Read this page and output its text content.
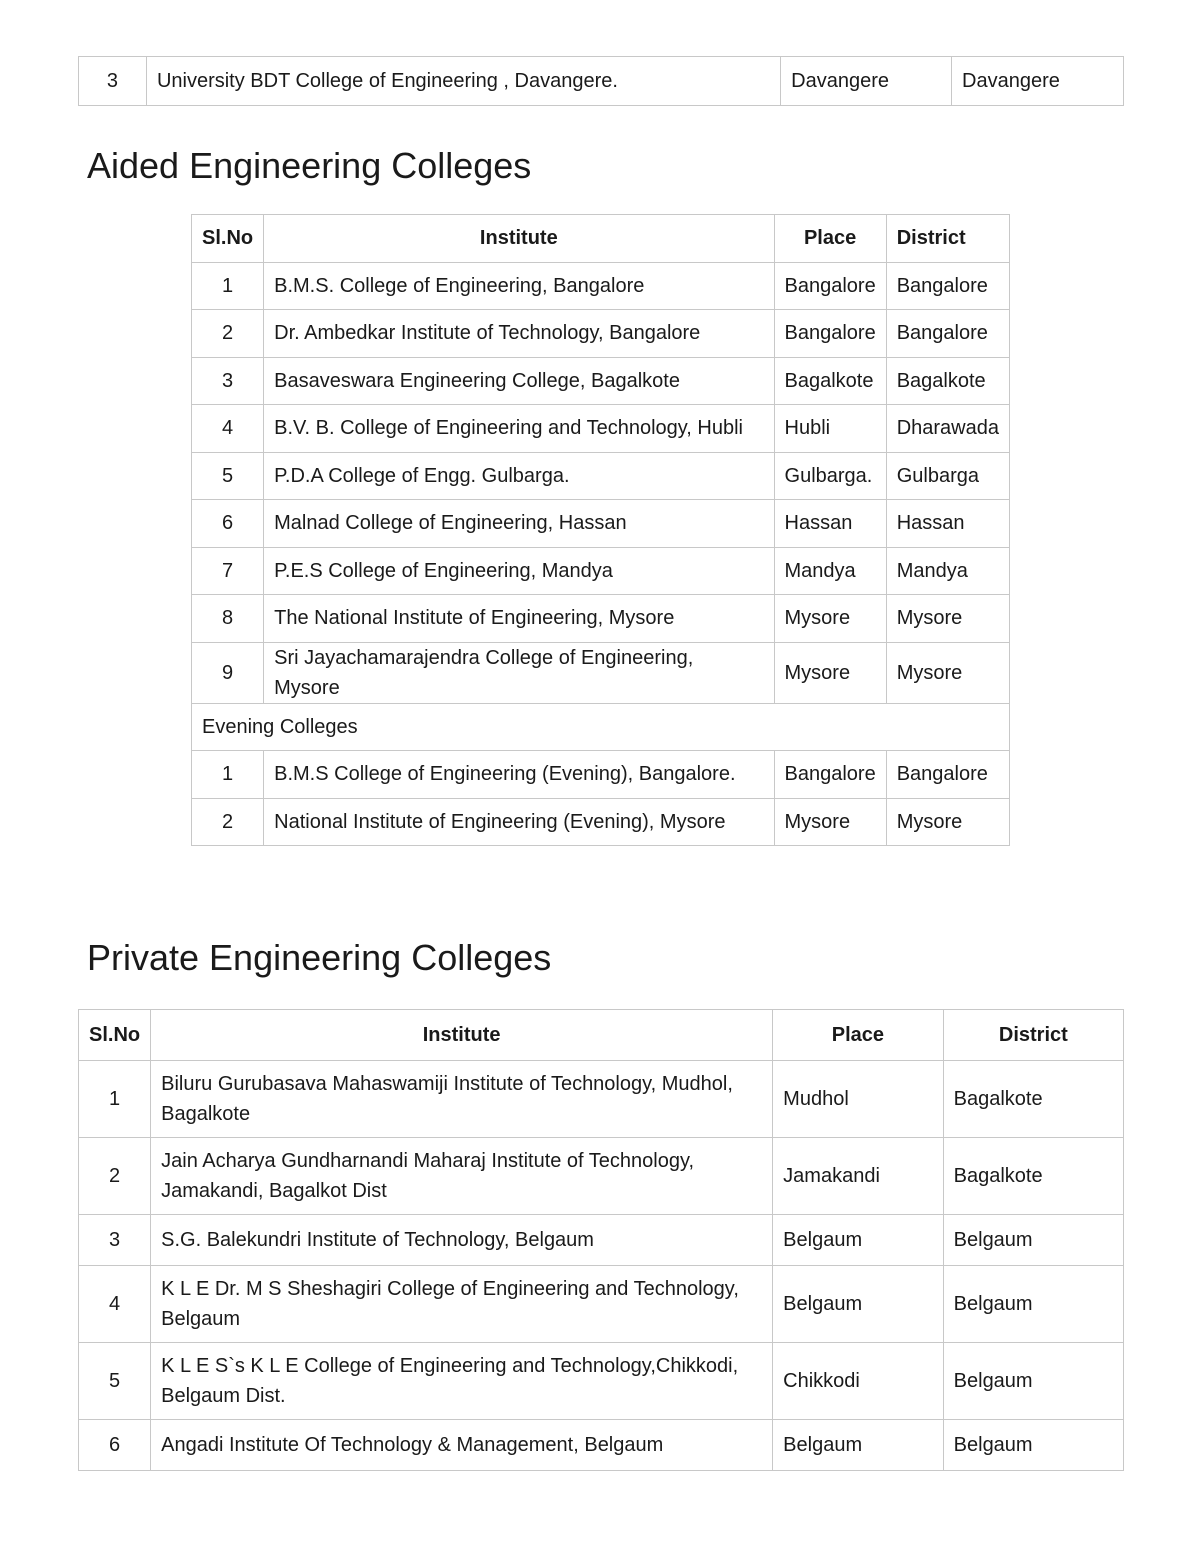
3	University BDT College of Engineering , Davangere.	Davangere	Davangere
Aided Engineering Colleges
Sl.No	Institute	Place	District
1	B.M.S. College of Engineering, Bangalore	Bangalore	Bangalore
2	Dr. Ambedkar Institute of Technology, Bangalore	Bangalore	Bangalore
3	Basaveswara Engineering College, Bagalkote	Bagalkote	Bagalkote
4	B.V. B. College of Engineering and Technology, Hubli	Hubli	Dharawada
5	P.D.A College of Engg. Gulbarga.	Gulbarga.	Gulbarga
6	Malnad College of Engineering, Hassan	Hassan	Hassan
7	P.E.S College of Engineering, Mandya	Mandya	Mandya
8	The National Institute of Engineering, Mysore	Mysore	Mysore
9	Sri Jayachamarajendra College of Engineering, Mysore	Mysore	Mysore
Evening Colleges			
1	B.M.S College of Engineering (Evening), Bangalore.	Bangalore	Bangalore
2	National Institute of Engineering (Evening), Mysore	Mysore	Mysore
Private Engineering Colleges
Sl.No	Institute	Place	District
1	Biluru Gurubasava Mahaswamiji Institute of Technology, Mudhol, Bagalkote	Mudhol	Bagalkote
2	Jain Acharya Gundharnandi Maharaj Institute of Technology, Jamakandi, Bagalkot Dist	Jamakandi	Bagalkote
3	S.G. Balekundri Institute of Technology, Belgaum	Belgaum	Belgaum
4	K L E Dr. M S Sheshagiri College of Engineering and Technology, Belgaum	Belgaum	Belgaum
5	K L E S`s K L E College of Engineering and Technology,Chikkodi, Belgaum Dist.	Chikkodi	Belgaum
6	Angadi Institute Of Technology & Management, Belgaum	Belgaum	Belgaum
